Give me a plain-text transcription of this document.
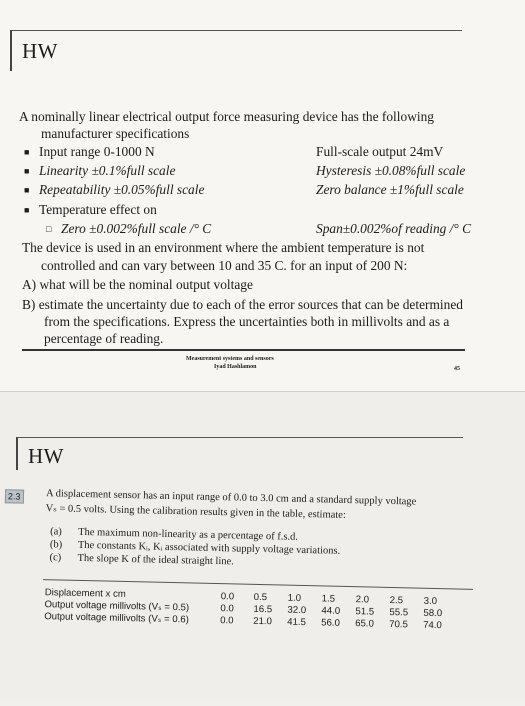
HW
A nominally linear electrical output force measuring device has the following
manufacturer specifications
■ Input range 0-1000 N	Full-scale output 24mV
■ Linearity ±0.1%full scale	Hysteresis ±0.08%full scale
■ Repeatability ±0.05%full scale	Zero balance ±1%full scale
■ Temperature effect on
□ Zero ±0.002%full scale /° C	Span±0.002%of reading /° C
The device is used in an environment where the ambient temperature is not
controlled and can vary between 10 and 35 C. for an input of 200 N:
A) what will be the nominal output voltage
B) estimate the uncertainty due to each of the error sources that can be determined
from the specifications. Express the uncertainties both in millivolts and as a
percentage of reading.
Measurement systems and sensors
Iyad Hashlamon	45
HW
2.3 A displacement sensor has an input range of 0.0 to 3.0 cm and a standard supply voltage
Vₛ = 0.5 volts. Using the calibration results given in the table, estimate:
(a) The maximum non-linearity as a percentage of f.s.d.
(b) The constants Kᵢ, Kᵢ associated with supply voltage variations.
(c) The slope K of the ideal straight line.
Displacement x cm	0.0 0.5 1.0 1.5 2.0 2.5 3.0
Output voltage millivolts (Vₛ = 0.5)	0.0 16.5 32.0 44.0 51.5 55.5 58.0
Output voltage millivolts (Vₛ = 0.6)	0.0 21.0 41.5 56.0 65.0 70.5 74.0
